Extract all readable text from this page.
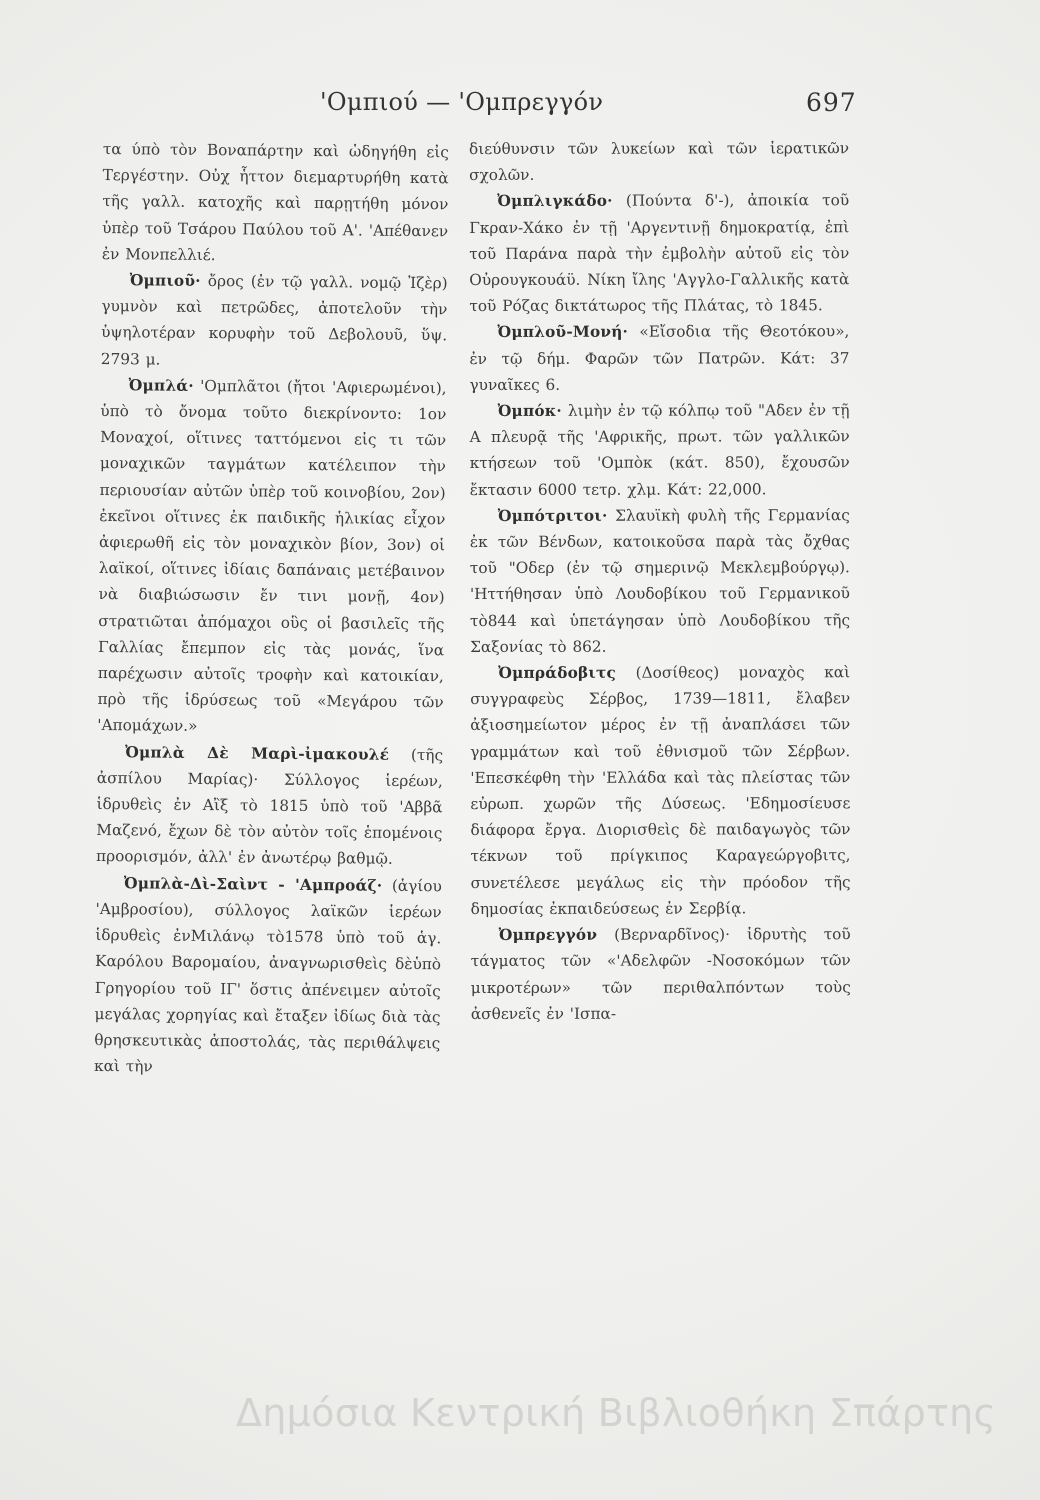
'Ομπιού — 'Ομπρεγγόν	697

τα ύπὸ τὸν Βοναπάρτην καὶ ὡδηγήθη εἰς Τεργέστην. Οὐχ ἧττον διεμαρτυρήθη κατὰ τῆς γαλλ. κατοχῆς καὶ παρῃτήθη μόνον ὑπὲρ τοῦ Τσάρου Παύλου τοῦ Α'. 'Απέθανεν ἐν Μονπελλιέ.

Ὀμπιοῦ· ὄρος (ἐν τῷ γαλλ. νομῷ Ἰζὲρ) γυμνὸν καὶ πετρῶδες, ἀποτελοῦν τὴν ὑψηλοτέραν κορυφὴν τοῦ Δεβολουῦ, ὕψ. 2793 μ.

Ὀμπλά· 'Ομπλᾶτοι (ἤτοι 'Αφιερωμένοι), ὑπὸ τὸ ὄνομα τοῦτο διεκρίνοντο: 1ον Μοναχοί, οἵτινες ταττόμενοι εἰς τι τῶν μοναχικῶν ταγμάτων κατέλειπον τὴν περιουσίαν αὐτῶν ὑπὲρ τοῦ κοινοβίου, 2ον) ἐκεῖνοι οἵτινες ἐκ παιδικῆς ἡλικίας εἶχον ἀφιερωθῆ εἰς τὸν μοναχικὸν βίον, 3ον) οἱ λαϊκοί, οἵτινες ἰδίαις δαπάναις μετέβαινον νὰ διαβιώσωσιν ἔν τινι μονῇ, 4ον) στρατιῶται ἀπόμαχοι οὓς οἱ βασιλεῖς τῆς Γαλλίας ἔπεμπον εἰς τὰς μονάς, ἵνα παρέχωσιν αὐτοῖς τροφὴν καὶ κατοικίαν, πρὸ τῆς ἱδρύσεως τοῦ «Μεγάρου τῶν 'Απομάχων.»

Ὀμπλὰ Δὲ Μαρὶ-ἰμακουλέ (τῆς ἀσπίλου Μαρίας)· Σύλλογος ἱερέων, ἱδρυθεὶς ἐν Αἲξ τὸ 1815 ὑπὸ τοῦ 'Αββᾶ Μαζενό, ἔχων δὲ τὸν αὐτὸν τοῖς ἑπομένοις προορισμόν, ἀλλ' ἐν ἀνωτέρῳ βαθμῷ.

Ὀμπλὰ-Δὶ-Σαὶντ - 'Αμπροάζ· (ἁγίου 'Αμβροσίου), σύλλογος λαϊκῶν ἱερέων ἱδρυθεὶς ἐνΜιλάνῳ τὸ1578 ὑπὸ τοῦ ἁγ. Καρόλου Βαρομαίου, ἀναγνωρισθεὶς δὲὑπὸ Γρηγορίου τοῦ ΙΓ' ὅστις ἀπένειμεν αὐτοῖς μεγάλας χορηγίας καὶ ἔταξεν ἰδίως διὰ τὰς θρησκευτικὰς ἀποστολάς, τὰς περιθάλψεις καὶ τὴν

διεύθυνσιν τῶν λυκείων καὶ τῶν ἱερατικῶν σχολῶν.

Ὀμπλιγκάδο· (Πούντα δ'-), ἀποικία τοῦ Γκραν-Χάκο ἐν τῇ 'Αργεντινῇ δημοκρατίᾳ, ἐπὶ τοῦ Παράνα παρὰ τὴν ἐμβολὴν αὐτοῦ εἰς τὸν Οὐρουγκουάϋ. Νίκη ἴλης 'Αγγλο-Γαλλικῆς κατὰ τοῦ Ρόζας δικτάτωρος τῆς Πλάτας, τὸ 1845.

Ὀμπλοῦ-Μονή· «Εἴσοδια τῆς Θεοτόκου», ἐν τῷ δήμ. Φαρῶν τῶν Πατρῶν. Κάτ: 37 γυναῖκες 6.

Ὀμπόκ· λιμὴν ἐν τῷ κόλπῳ τοῦ "Αδεν ἐν τῇ Α πλευρᾷ τῆς 'Αφρικῆς, πρωτ. τῶν γαλλικῶν κτήσεων τοῦ 'Ομπὸκ (κάτ. 850), ἔχουσῶν ἔκτασιν 6000 τετρ. χλμ. Κάτ: 22,000.

Ὀμπότριτοι· Σλαυϊκὴ φυλὴ τῆς Γερμανίας ἐκ τῶν Βένδων, κατοικοῦσα παρὰ τὰς ὄχθας τοῦ "Οδερ (ἐν τῷ σημερινῷ Μεκλεμβούργῳ). 'Ηττήθησαν ὑπὸ Λουδοβίκου τοῦ Γερμανικοῦ τὸ844 καὶ ὑπετάγησαν ὑπὸ Λουδοβίκου τῆς Σαξονίας τὸ 862.

Ὀμπράδοβιτς (Δοσίθεος) μοναχὸς καὶ συγγραφεὺς Σέρβος, 1739—1811, ἔλαβεν ἀξιοσημείωτον μέρος ἐν τῇ ἀναπλάσει τῶν γραμμάτων καὶ τοῦ ἐθνισμοῦ τῶν Σέρβων. 'Επεσκέφθη τὴν 'Ελλάδα καὶ τὰς πλείστας τῶν εὐρωπ. χωρῶν τῆς Δύσεως. 'Εδημοσίευσε διάφορα ἔργα. Διορισθεὶς δὲ παιδαγωγὸς τῶν τέκνων τοῦ πρίγκιπος Καραγεώργοβιτς, συνετέλεσε μεγάλως εἰς τὴν πρόοδον τῆς δημοσίας ἐκπαιδεύσεως ἐν Σερβίᾳ.

Ὀμπρεγγόν (Βερναρδῖνος)· ἱδρυτὴς τοῦ τάγματος τῶν «'Αδελφῶν -Νοσοκόμων τῶν μικροτέρων» τῶν περιθαλπόντων τοὺς ἀσθενεῖς ἐν 'Ισπα-

Δημόσια Κεντρική Βιβλιοθήκη Σπάρτης
